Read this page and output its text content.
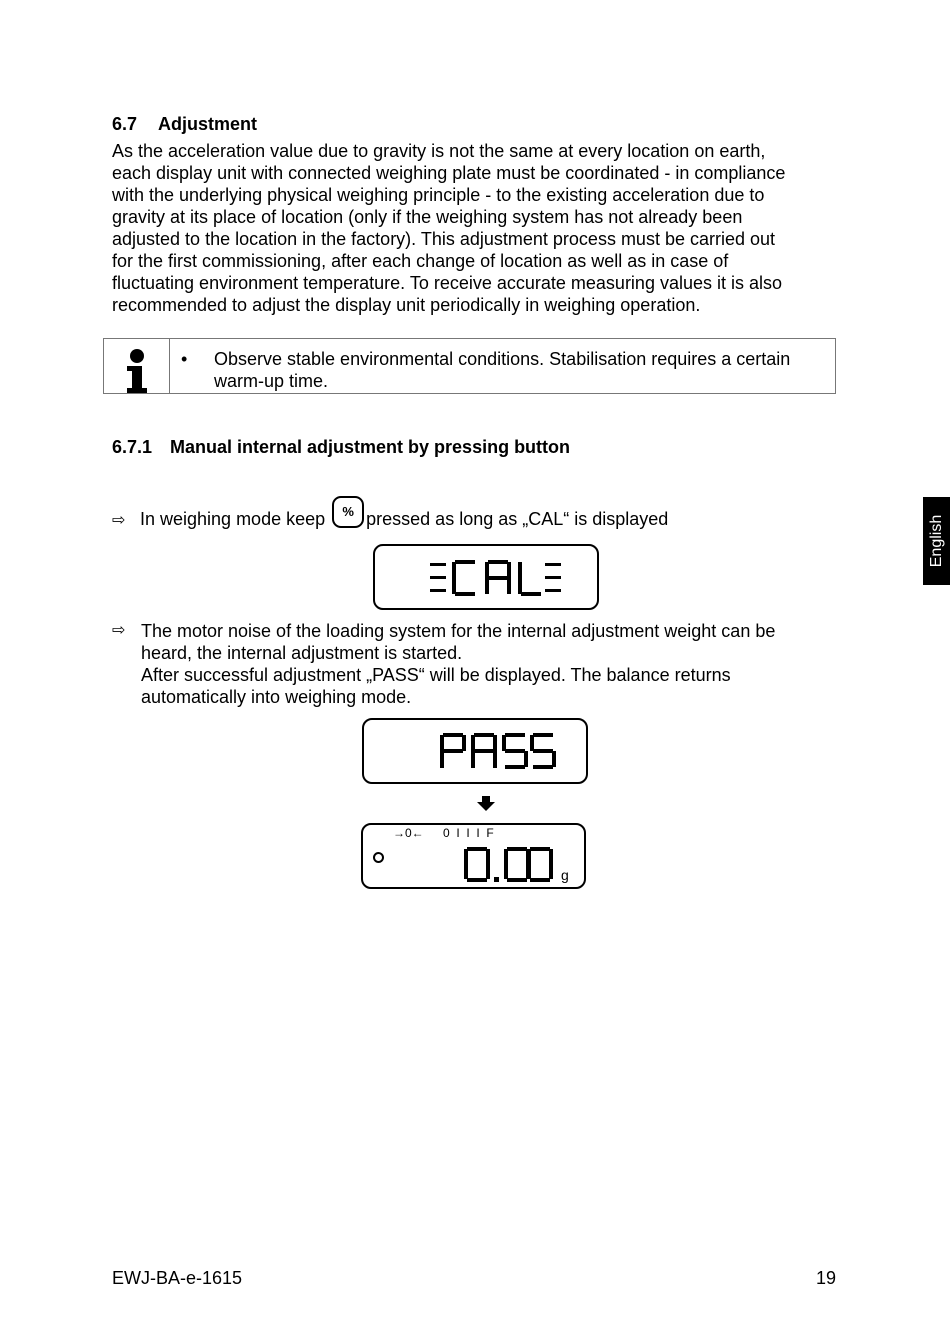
6.7 Adjustment
As the acceleration value due to gravity is not the same at every location on earth,
each display unit with connected weighing plate must be coordinated - in compliance
with the underlying physical weighing principle - to the existing acceleration due to
gravity at its place of location (only if the weighing system has not already been
adjusted to the location in the factory). This adjustment process must be carried out
for the first commissioning, after each change of location as well as in case of
fluctuating environment temperature. To receive accurate measuring values it is also
recommended to adjust the display unit periodically in weighing operation.
• Observe stable environmental conditions. Stabilisation requires a certain warm-up time.
6.7.1 Manual internal adjustment by pressing button
⇨ In weighing mode keep % pressed as long as „CAL“ is displayed
CAL
⇨ The motor noise of the loading system for the internal adjustment weight can be
heard, the internal adjustment is started.
After successful adjustment „PASS“ will be displayed. The balance returns
automatically into weighing mode.
PASS
→0← 0  I  I  I  F
0.00
g
English
EWJ-BA-e-1615	19
